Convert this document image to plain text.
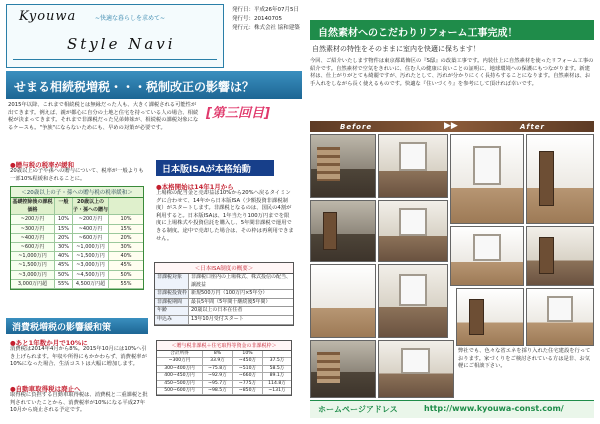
Kyouwa	~快適な暮らしを求めて~
Style Navi
発行日：平成26年07月5日
発行号：20140705
発行元：株式会社 協和建築
せまる相続税増税・・・税制改正の影響は？
2015年以降、これまで相続税とは無縁だった人も、大きく課税される可能性が出てきます。例えば、親が都心に自分の土地と住宅を持っている人の場合、相続税が決まってきます。それまで非課税だった兄弟姉妹が、相続税の課税対象になるケースも。"争族"にならないためにも、早めの対策が必要です。
[第三回目]
●贈与税の税率が緩和
20歳以上の子や孫への贈与について、税率が一般よりも一部10%程緩和されることに。
＜20歳以上の子・孫への贈与税の税率緩和＞
基礎控除後の課税価格
一般	20歳以上の子・孫への贈与
~200万円	10%	~200万円	10%
~300万円	15%	~400万円	15%
~400万円	20%	~600万円	20%
~600万円	30%	~1,000万円	30%
~1,000万円	40%	~1,500万円	40%
~1,500万円	45%	~3,000万円	45%
~3,000万円	50%	~4,500万円	50%
3,000万円超	55%	4,500万円超	55%
消費税増税の影響緩和策
●あと1年数か月で10%に
消費税は2014年4月から8%。2015年10月には10%へ引き上げられます。年収や所得にもかかわらず、消費税率が10%になった場合、生活コストは大幅に増加します。
●自動車取得税は廃止へ
取得税に負担する自動車取得税は、消費税と二重課税と批判されていたことから、消費税率が10%になる平成27年10月から廃止される予定です。
日本版ISAが本格始動
●本格開始は14年1月から
上場株の配当金と売却益は10%から20%へ戻るタイミングに合わせて、14年から日本版ISA（少額投資非課税制度）がスタートします。非課税となるのは、国民の4割が利用すると。日本版ISAは、1年当たり100万円までを限度に上場株式や投資信託を購入し、5年間非課税で運用できる制度。途中で売却した場合は、その枠は再利用できません。
＜日本ISA制度の概要＞
非課税対象	非課税口座内の上場株式、株式投信の配当、譲渡益
非課税投資枠 新規500万円（100万円×5年分）
非課税期間	最長5年間（5年間十継続後5年間）
年齢	20歳以上の日本在住者
申込み	13年10月受付スタート
＜贈与税非課税＋住宅取得等資金の非課税枠＞
合計所得	8%	10%
~300万円	33.9万	~450万	37.5万
300~400万円	~75.8万	~510万	58.5万
400~450万円	~92.9万	~660万	89.1万
450~500万円	~95.7万	~775万	114.8万
500~600万円	~98.5万	~850万	~131万
自然素材へのこだわりリフォーム工事完成！
自然素材の特性をそのままに室内を快適に保ちます！
今回、ご紹介いたします物件は東京都葛飾区の『S邸』の改築工事です。内装仕上に自然素材を使ったリフォーム工事の紹介です。自然素材で空気をきれいに、住む人の健康に良いことの証明に、地球環境への保護にもつながります。新建材は、仕上がりがとても綺麗ですが、汚れたとして、汚れが分かりにくく長持ちすることになります。自然素材は、お手入れをしながら長く使えるものです。快適な『住いづくり』を参考にして頂ければ幸いです。
Before	▶▶	After
弊社でも、色々な省エネを採り入れた住宅建設を行っております。家づくりをご検討されている方は是非、お気軽にご相談下さい。
ホームページアドレス	http://www.kyouwa-const.com/
